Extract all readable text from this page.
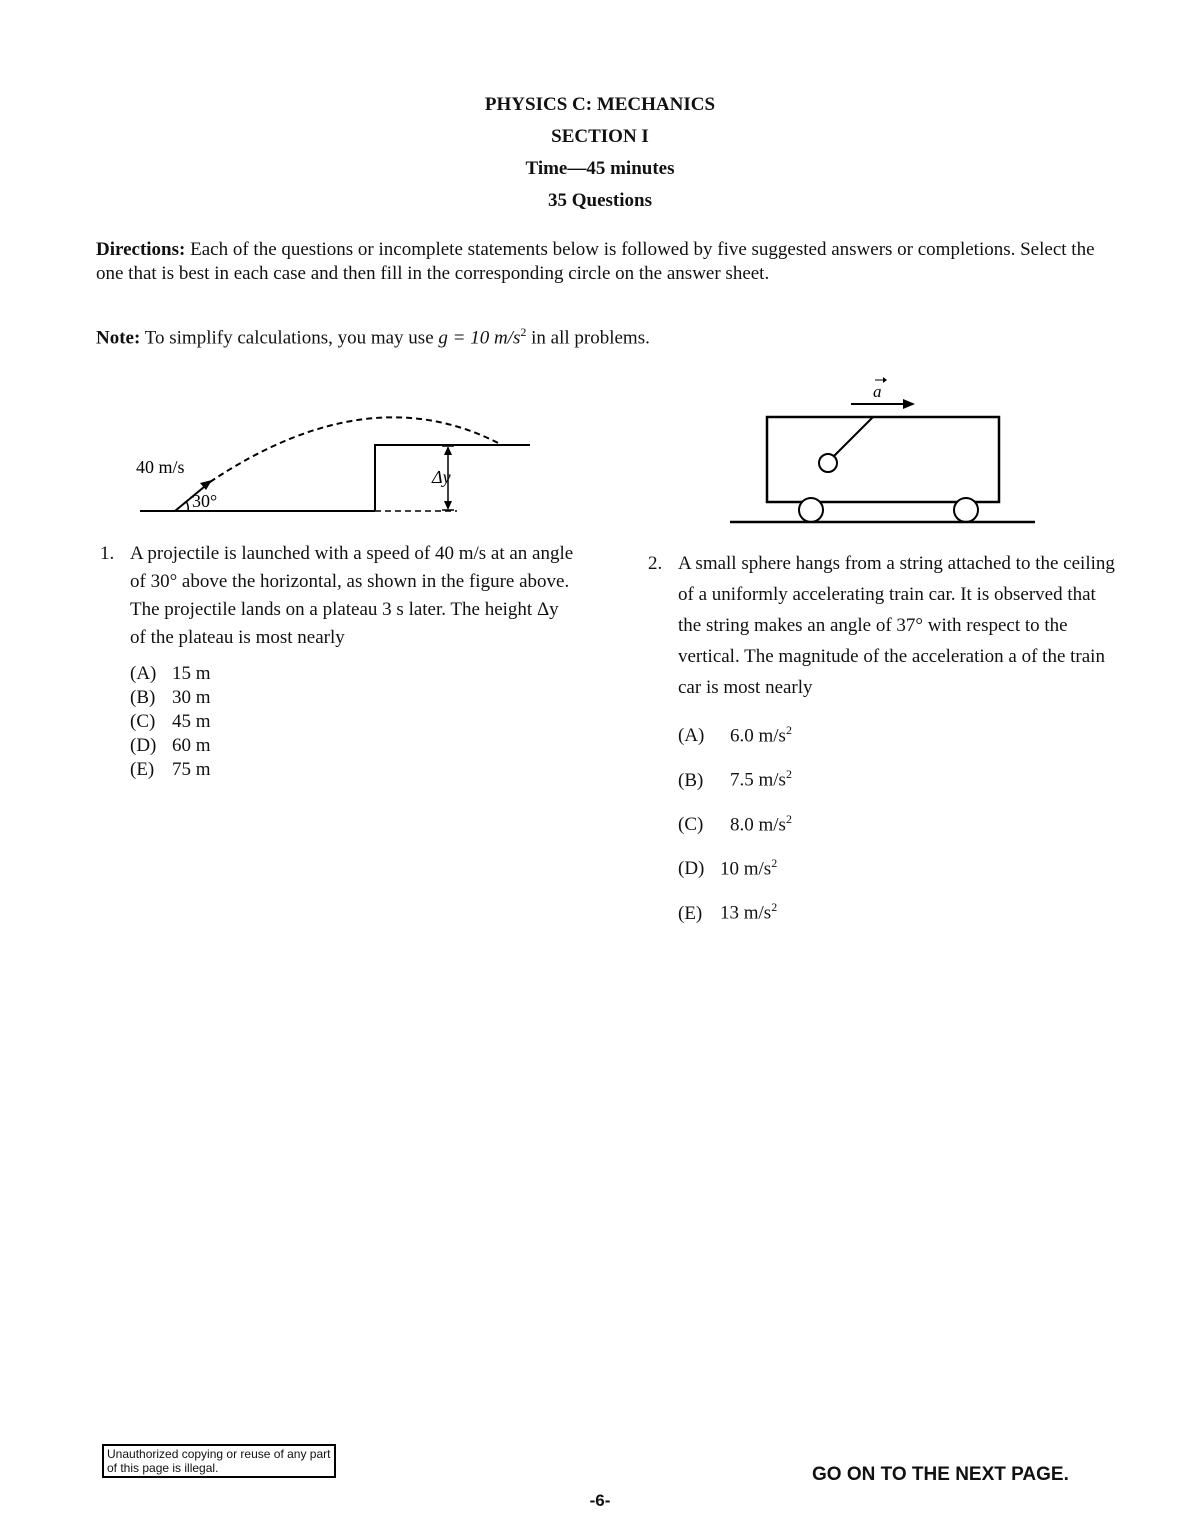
PHYSICS C: MECHANICS
SECTION I
Time—45 minutes
35 Questions
Directions: Each of the questions or incomplete statements below is followed by five suggested answers or completions. Select the one that is best in each case and then fill in the corresponding circle on the answer sheet.
Note: To simplify calculations, you may use g = 10 $m/s^2$ in all problems.
40 m/s
30°
Δy
a
1. A projectile is launched with a speed of 40 m/s at an angle of 30° above the horizontal, as shown in the figure above. The projectile lands on a plateau 3 s later. The height Δy of the plateau is most nearly
(A) 15 m
(B) 30 m
(C) 45 m
(D) 60 m
(E) 75 m
2. A small sphere hangs from a string attached to the ceiling of a uniformly accelerating train car. It is observed that the string makes an angle of 37° with respect to the vertical. The magnitude of the acceleration a of the train car is most nearly
(A) 6.0 $m/s^2$
(B) 7.5 $m/s^2$
(C) 8.0 $m/s^2$
(D) 10 $m/s^2$
(E) 13 $m/s^2$
Unauthorized copying or reuse of any part of this page is illegal.	GO ON TO THE NEXT PAGE.
-6-
